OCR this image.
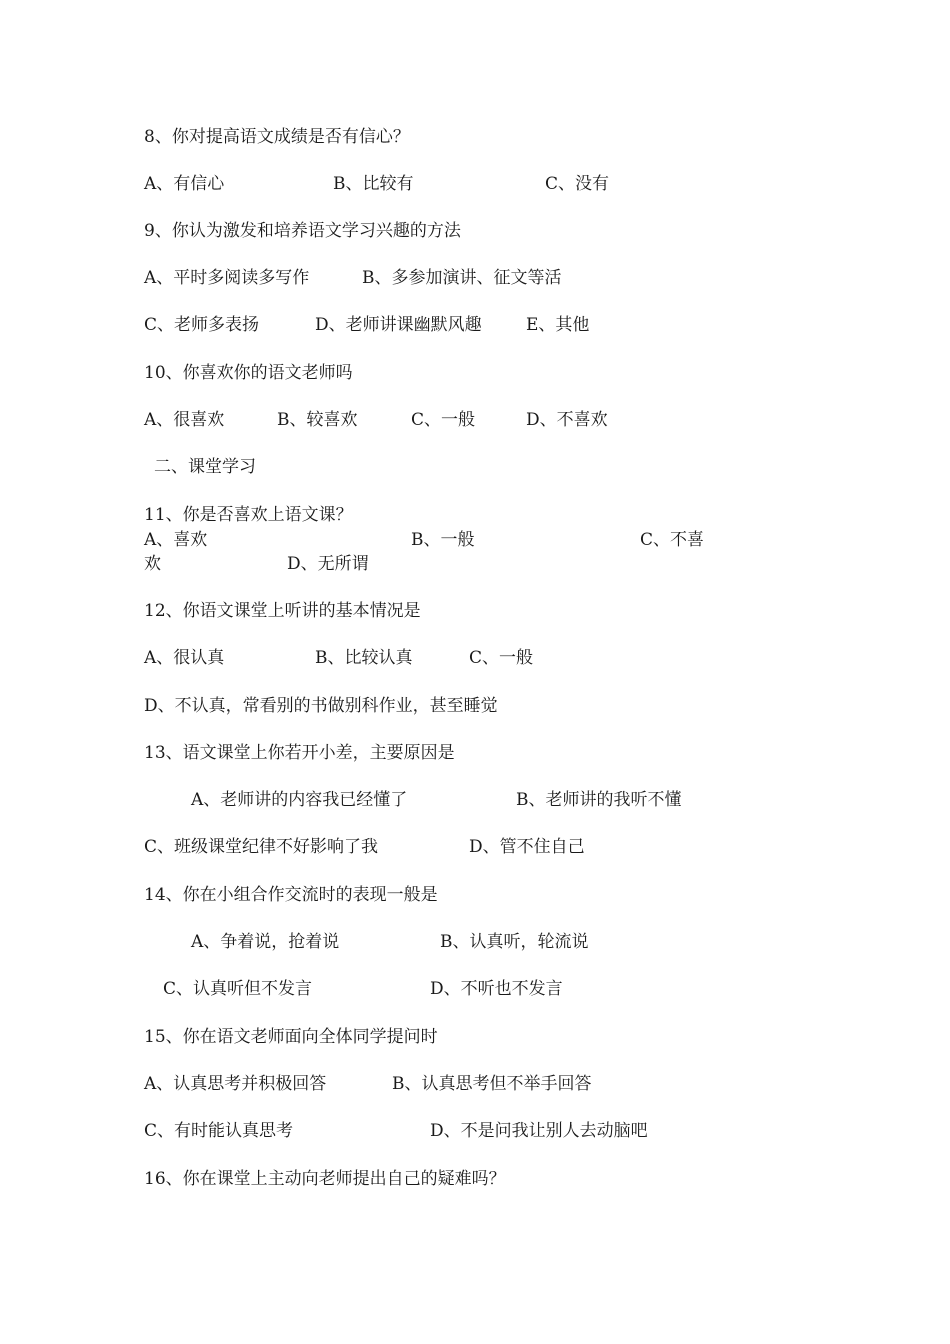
8、你对提高语文成绩是否有信心？
A、有信心	B、比较有	C、没有
9、你认为激发和培养语文学习兴趣的方法
A、平时多阅读多写作	B、多参加演讲、征文等活
C、老师多表扬	D、老师讲课幽默风趣	E、其他
10、你喜欢你的语文老师吗
A、很喜欢	B、较喜欢	C、一般	D、不喜欢
二、课堂学习
11、你是否喜欢上语文课？
A、喜欢	B、一般	C、不喜
欢	D、无所谓
12、你语文课堂上听讲的基本情况是
A、很认真	B、比较认真	C、一般
D、不认真，常看别的书做别科作业，甚至睡觉
13、语文课堂上你若开小差，主要原因是
A、老师讲的内容我已经懂了	B、老师讲的我听不懂
C、班级课堂纪律不好影响了我	D、管不住自己
14、你在小组合作交流时的表现一般是
A、争着说，抢着说	B、认真听，轮流说
C、认真听但不发言	D、不听也不发言
15、你在语文老师面向全体同学提问时
A、认真思考并积极回答	B、认真思考但不举手回答
C、有时能认真思考	D、不是问我让别人去动脑吧
16、你在课堂上主动向老师提出自己的疑难吗？
